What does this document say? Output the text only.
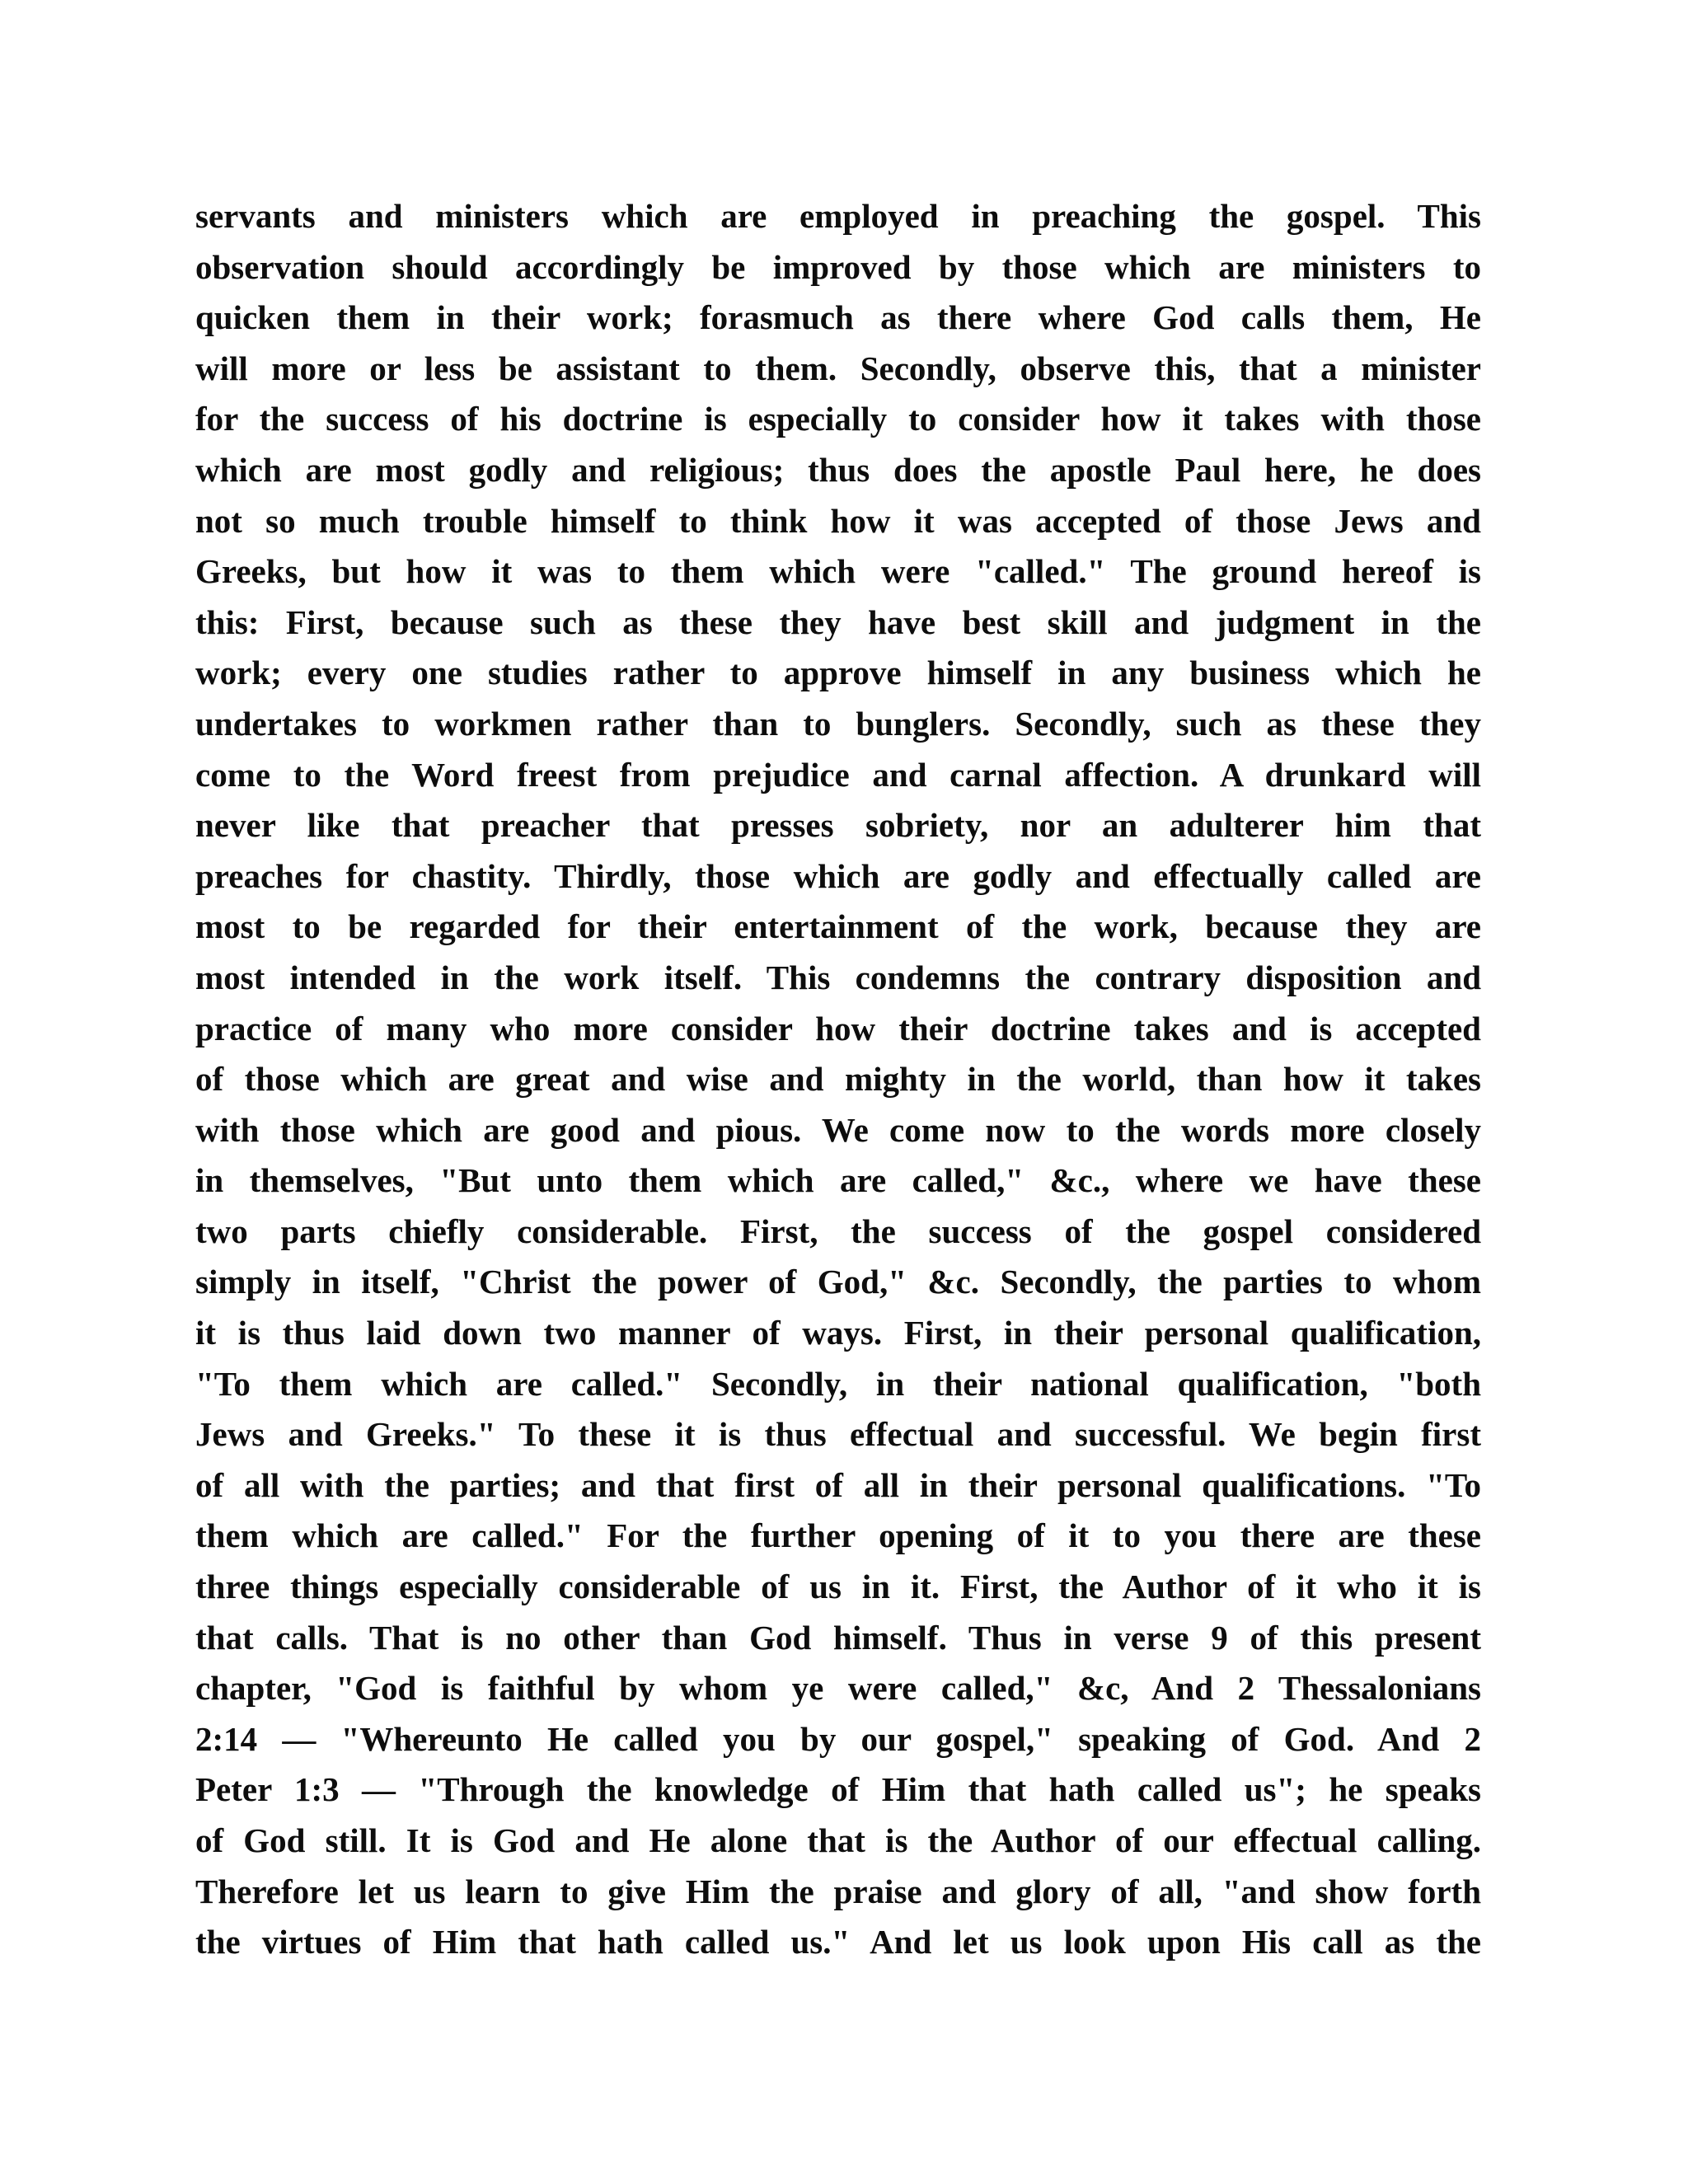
servants and ministers which are employed in preaching the gospel. This
observation should accordingly be improved by those which are ministers to
quicken them in their work; forasmuch as there where God calls them, He
will more or less be assistant to them. Secondly, observe this, that a minister
for the success of his doctrine is especially to consider how it takes with those
which are most godly and religious; thus does the apostle Paul here, he does
not so much trouble himself to think how it was accepted of those Jews and
Greeks, but how it was to them which were "called." The ground hereof is
this: First, because such as these they have best skill and judgment in the
work; every one studies rather to approve himself in any business which he
undertakes to workmen rather than to bunglers. Secondly, such as these they
come to the Word freest from prejudice and carnal affection. A drunkard will
never like that preacher that presses sobriety, nor an adulterer him that
preaches for chastity. Thirdly, those which are godly and effectually called are
most to be regarded for their entertainment of the work, because they are
most intended in the work itself. This condemns the contrary disposition and
practice of many who more consider how their doctrine takes and is accepted
of those which are great and wise and mighty in the world, than how it takes
with those which are good and pious. We come now to the words more closely
in themselves, "But unto them which are called," &c., where we have these
two parts chiefly considerable. First, the success of the gospel considered
simply in itself, "Christ the power of God," &c. Secondly, the parties to whom
it is thus laid down two manner of ways. First, in their personal qualification,
"To them which are called." Secondly, in their national qualification, "both
Jews and Greeks." To these it is thus effectual and successful. We begin first
of all with the parties; and that first of all in their personal qualifications. "To
them which are called." For the further opening of it to you there are these
three things especially considerable of us in it. First, the Author of it who it is
that calls. That is no other than God himself. Thus in verse 9 of this present
chapter, "God is faithful by whom ye were called," &c, And 2 Thessalonians
2:14 — "Whereunto He called you by our gospel," speaking of God. And 2
Peter 1:3 — "Through the knowledge of Him that hath called us"; he speaks
of God still. It is God and He alone that is the Author of our effectual calling.
Therefore let us learn to give Him the praise and glory of all, "and show forth
the virtues of Him that hath called us." And let us look upon His call as the
